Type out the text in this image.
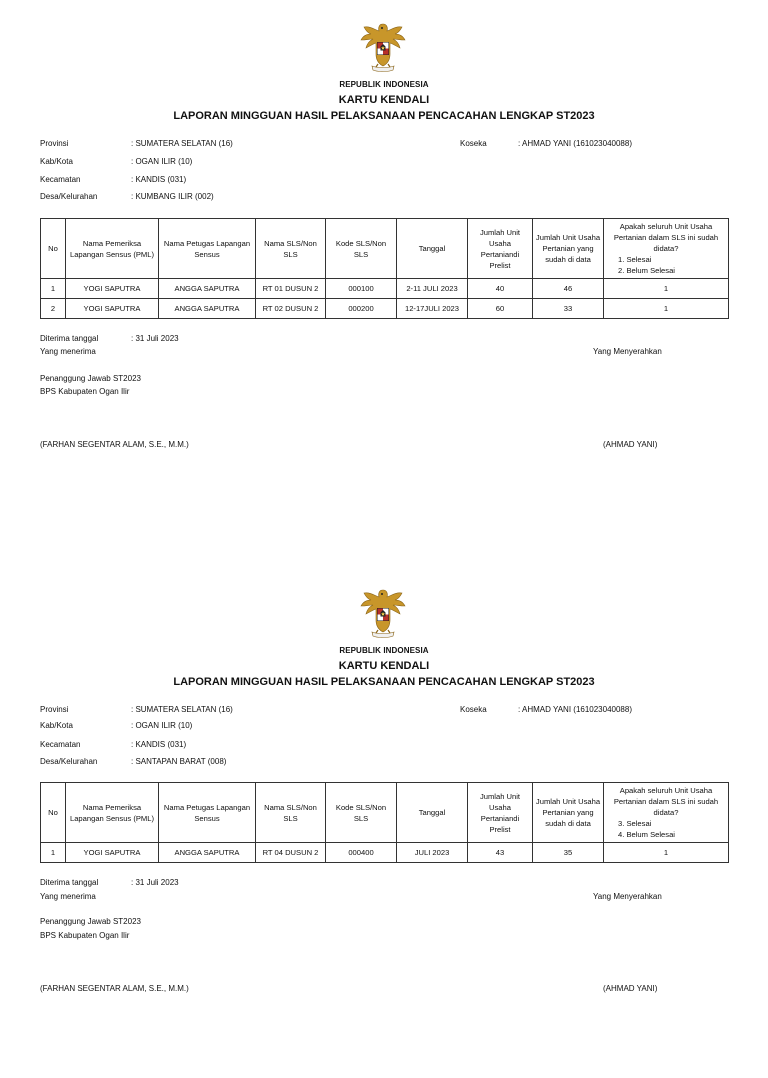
REPUBLIK INDONESIA
KARTU KENDALI
LAPORAN MINGGUAN HASIL PELAKSANAAN PENCACAHAN LENGKAP ST2023
Provinsi	: SUMATERA SELATAN (16)
Kab/Kota	: OGAN ILIR (10)
Kecamatan	: KANDIS (031)
Desa/Kelurahan	: KUMBANG ILIR (002)
Koseka	: AHMAD YANI (161023040088)
No	Nama Pemeriksa Lapangan Sensus (PML)	Nama Petugas Lapangan Sensus	Nama SLS/Non SLS	Kode SLS/Non SLS	Tanggal	Jumlah Unit Usaha Pertaniandi Prelist	Jumlah Unit Usaha Pertanian yang sudah di data	Apakah seluruh Unit Usaha Pertanian dalam SLS ini sudah didata?
1. Selesai
2. Belum Selesai

1	YOGI SAPUTRA	ANGGA SAPUTRA	RT 01 DUSUN 2	000100	2-11 JULI 2023	40	46	1
2	YOGI SAPUTRA	ANGGA SAPUTRA	RT 02 DUSUN 2	000200	12-17JULI 2023	60	33	1
Diterima tanggal	: 31 Juli 2023
Yang menerima	Yang Menyerahkan
Penanggung Jawab ST2023
BPS Kabupaten Ogan Ilir
(FARHAN SEGENTAR ALAM, S.E., M.M.)	(AHMAD YANI)
REPUBLIK INDONESIA
KARTU KENDALI
LAPORAN MINGGUAN HASIL PELAKSANAAN PENCACAHAN LENGKAP ST2023
Provinsi	: SUMATERA SELATAN (16)
Kab/Kota	: OGAN ILIR (10)
Kecamatan	: KANDIS (031)
Desa/Kelurahan	: SANTAPAN BARAT (008)
Koseka	: AHMAD YANI (161023040088)
No	Nama Pemeriksa Lapangan Sensus (PML)	Nama Petugas Lapangan Sensus	Nama SLS/Non SLS	Kode SLS/Non SLS	Tanggal	Jumlah Unit Usaha Pertaniandi Prelist	Jumlah Unit Usaha Pertanian yang sudah di data	Apakah seluruh Unit Usaha Pertanian dalam SLS ini sudah didata?
3. Selesai
4. Belum Selesai

1	YOGI SAPUTRA	ANGGA SAPUTRA	RT 04 DUSUN 2	000400	JULI 2023	43	35	1
Diterima tanggal	: 31 Juli 2023
Yang menerima	Yang Menyerahkan
Penanggung Jawab ST2023
BPS Kabupaten Ogan Ilir
(FARHAN SEGENTAR ALAM, S.E., M.M.)	(AHMAD YANI)
